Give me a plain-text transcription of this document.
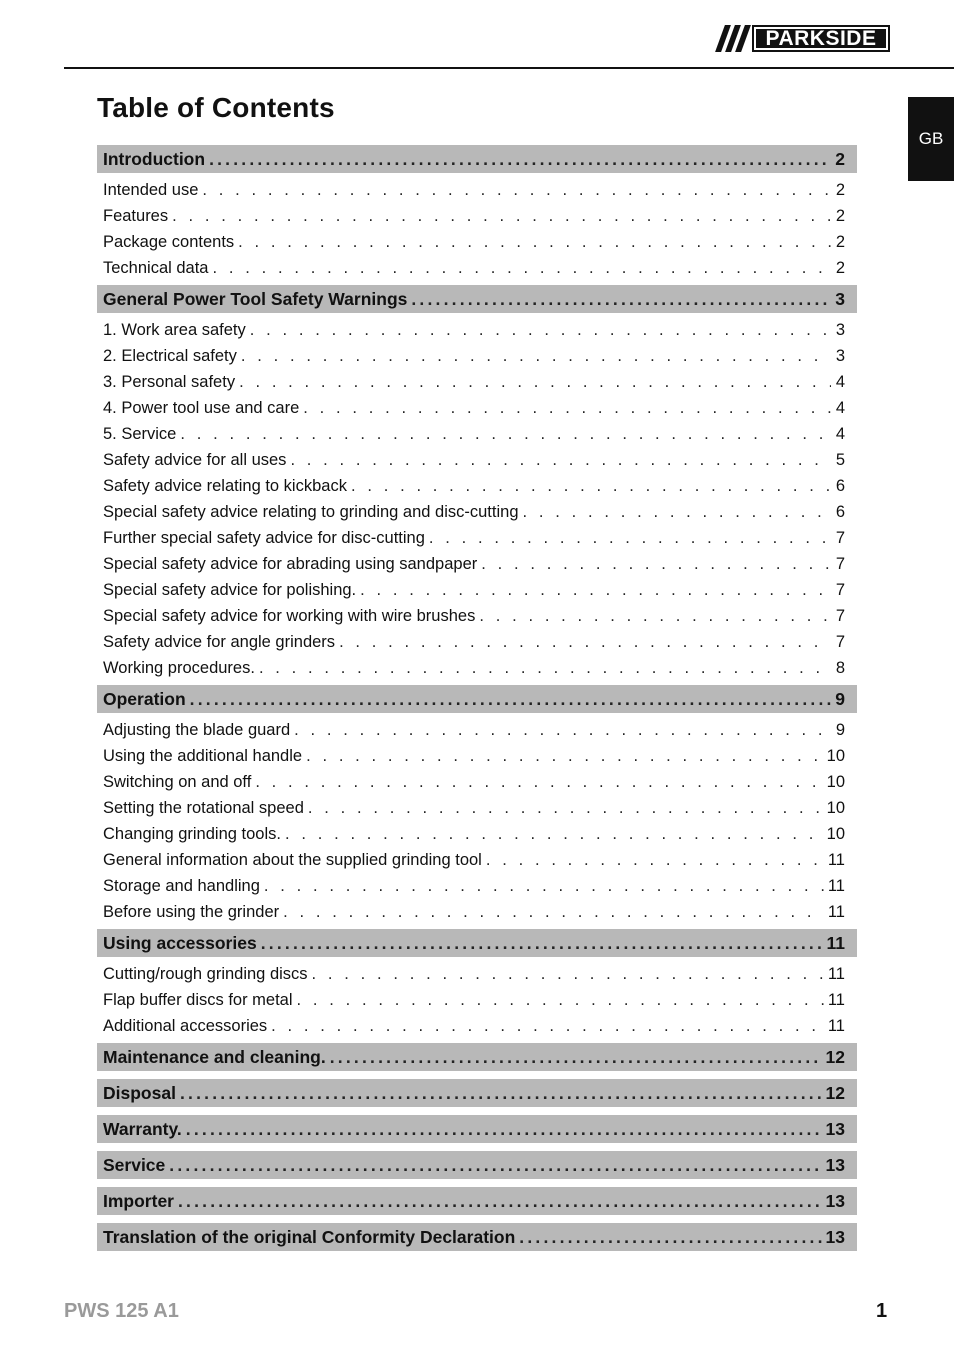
PARKSIDE
GB
Table of Contents
Introduction .....	2
Intended use . . .	2
Features . . .	2
Package contents . . .	2
Technical data . . .	2
General Power Tool Safety Warnings .....	3
1. Work area safety . . .	3
2. Electrical safety . . .	3
3. Personal safety . . .	4
4. Power tool use and care . . .	4
5. Service . . .	4
Safety advice for all uses . . .	5
Safety advice relating to kickback . . .	6
Special safety advice relating to grinding and disc-cutting . . .	6
Further special safety advice for disc-cutting . . .	7
Special safety advice for abrading using sandpaper . . .	7
Special safety advice for polishing. . . .	7
Special safety advice for working with wire brushes . . .	7
Safety advice for angle grinders . . .	7
Working procedures. . . .	8
Operation .....	9
Adjusting the blade guard . . .	9
Using the additional handle . . .	10
Switching on and off . . .	10
Setting the rotational speed . . .	10
Changing grinding tools. . . .	10
General information about the supplied grinding tool . . .	11
Storage and handling . . .	11
Before using the grinder . . .	11
Using accessories .....	11
Cutting/rough grinding discs . . .	11
Flap buffer discs for metal . . .	11
Additional accessories . . .	11
Maintenance and cleaning. .....	12
Disposal .....	12
Warranty. .....	13
Service .....	13
Importer .....	13
Translation of the original Conformity Declaration .....	13
PWS 125 A1	1
